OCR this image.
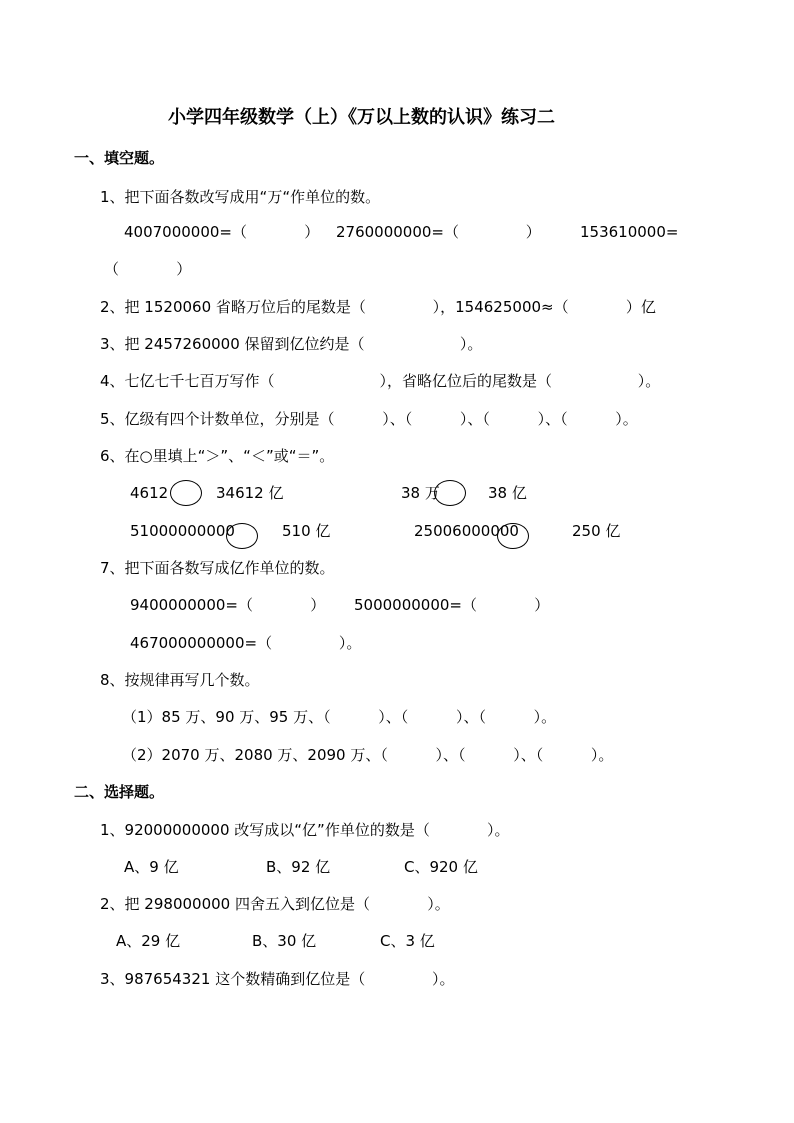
小学四年级数学（上）《万以上数的认识》练习二
一、填空题。
1、把下面各数改写成用“万“作单位的数。
4007000000=（            ） 2760000000=（              ）	153610000=
（            ）
2、把 1520060 省略万位后的尾数是（              ），154625000≈（            ）亿
3、把 2457260000 保留到亿位约是（                    ）。
4、七亿七千七百万写作（                      ），省略亿位后的尾数是（                  ）。
5、亿级有四个计数单位，分别是（          ）、（          ）、（          ）、（          ）。
6、在○里填上“＞”、“＜”或“＝”。
4612	34612 亿	38 万	38 亿
51000000000	510 亿	25006000000	250 亿
7、把下面各数写成亿作单位的数。
9400000000=（            ） 5000000000=（            ）
467000000000=（              ）。
8、按规律再写几个数。
（1）85 万、90 万、95 万、（          ）、（          ）、（          ）。
（2）2070 万、2080 万、2090 万、（          ）、（          ）、（          ）。
二、选择题。
1、92000000000 改写成以“亿”作单位的数是（            ）。
A、9 亿	B、92 亿	C、920 亿
2、把 298000000 四舍五入到亿位是（            ）。
A、29 亿	B、30 亿	C、3 亿
3、987654321 这个数精确到亿位是（              ）。
